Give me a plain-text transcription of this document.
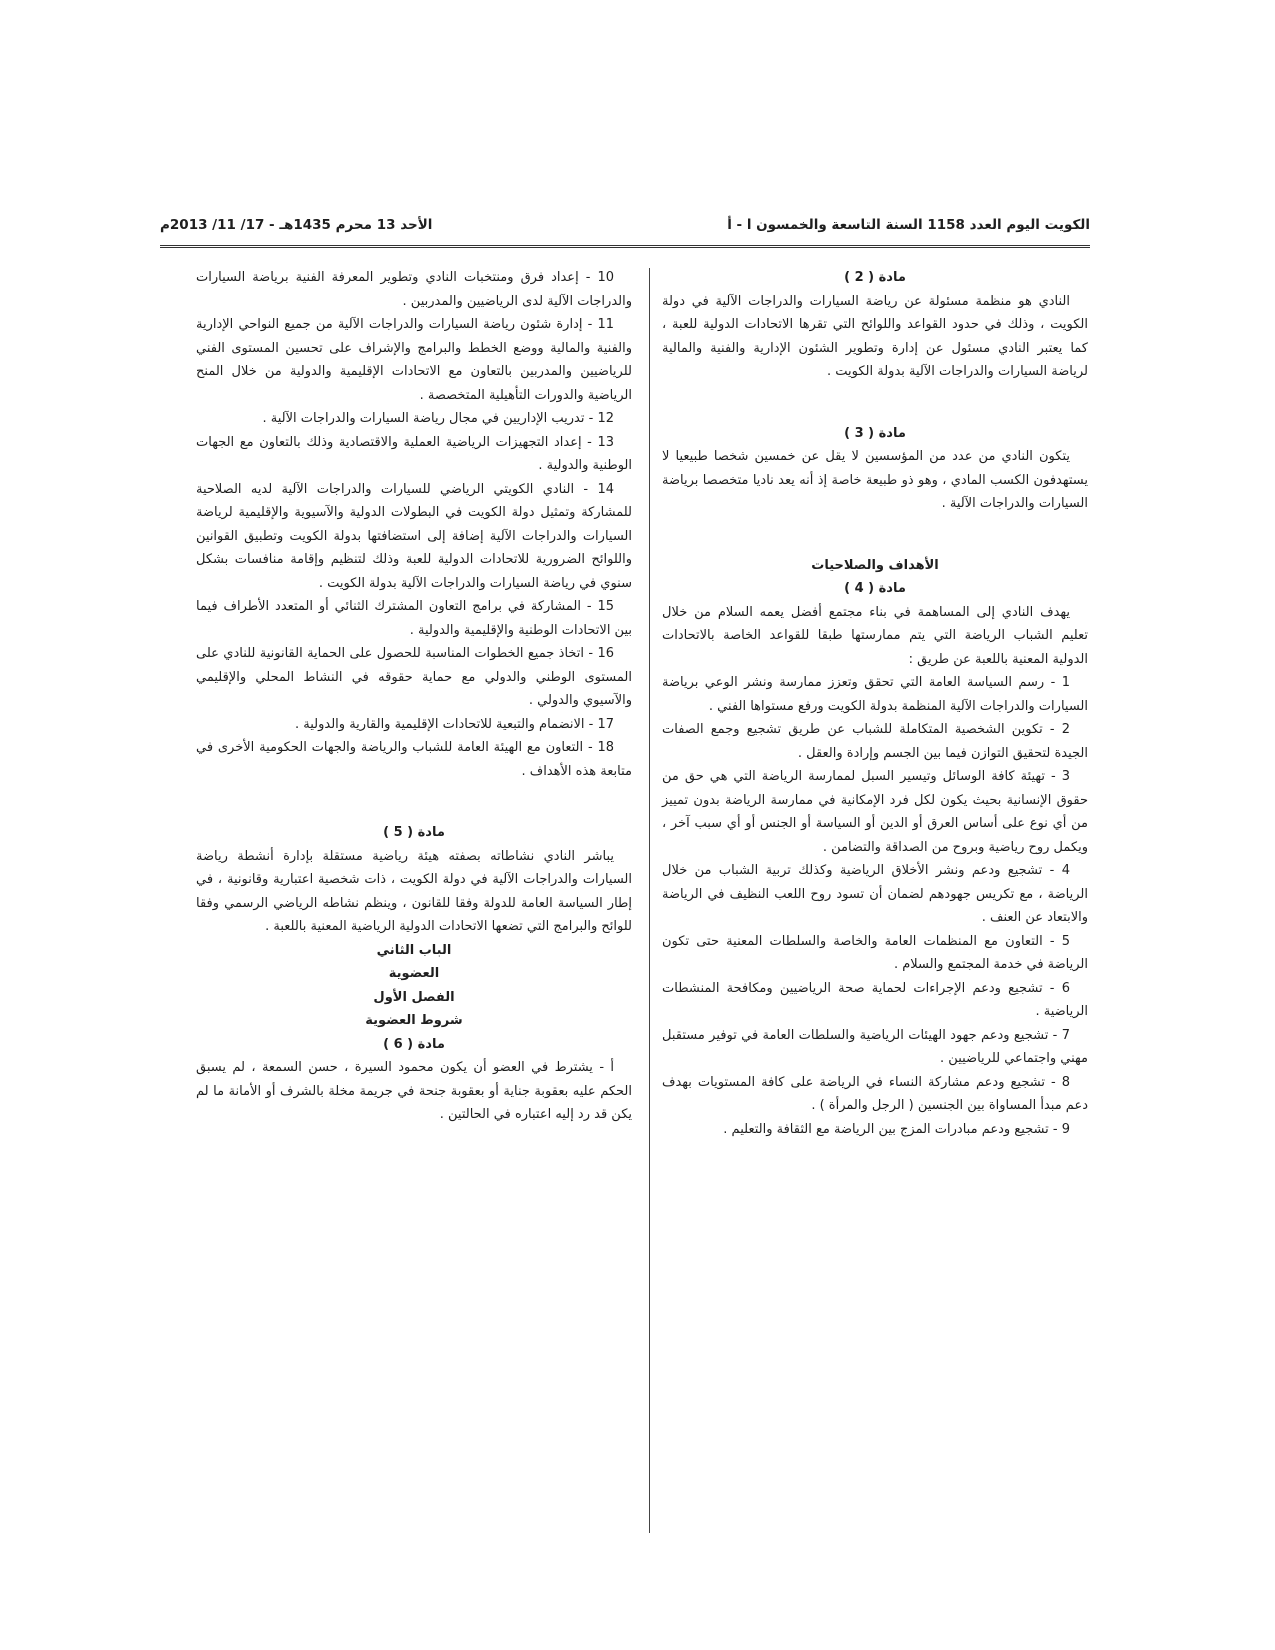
الكويت اليوم العدد 1158 السنة التاسعة والخمسون ا - أ
الأحد 13 محرم 1435هـ - 17/ 11/ 2013م

مادة ( 2 )

النادي هو منظمة مسئولة عن رياضة السيارات والدراجات الآلية في دولة الكويت ، وذلك في حدود القواعد واللوائح التي تقرها الاتحادات الدولية للعبة ، كما يعتبر النادي مسئول عن إدارة وتطوير الشئون الإدارية والفنية والمالية لرياضة السيارات والدراجات الآلية بدولة الكويت .

مادة ( 3 )

يتكون النادي من عدد من المؤسسين لا يقل عن خمسين شخصا طبيعيا لا يستهدفون الكسب المادي ، وهو ذو طبيعة خاصة إذ أنه يعد ناديا متخصصا برياضة السيارات والدراجات الآلية .

الأهداف والصلاحيات

مادة ( 4 )

يهدف النادي إلى المساهمة في بناء مجتمع أفضل يعمه السلام من خلال تعليم الشباب الرياضة التي يتم ممارستها طبقا للقواعد الخاصة بالاتحادات الدولية المعنية باللعبة عن طريق :

1 - رسم السياسة العامة التي تحقق وتعزز ممارسة ونشر الوعي برياضة السيارات والدراجات الآلية المنظمة بدولة الكويت ورفع مستواها الفني .

2 - تكوين الشخصية المتكاملة للشباب عن طريق تشجيع وجمع الصفات الجيدة لتحقيق التوازن فيما بين الجسم وإرادة والعقل .

3 - تهيئة كافة الوسائل وتيسير السبل لممارسة الرياضة التي هي حق من حقوق الإنسانية بحيث يكون لكل فرد الإمكانية في ممارسة الرياضة بدون تمييز من أي نوع على أساس العرق أو الدين أو السياسة أو الجنس أو أي سبب آخر ، ويكمل روح رياضية وبروح من الصداقة والتضامن .

4 - تشجيع ودعم ونشر الأخلاق الرياضية وكذلك تربية الشباب من خلال الرياضة ، مع تكريس جهودهم لضمان أن تسود روح اللعب النظيف في الرياضة والابتعاد عن العنف .

5 - التعاون مع المنظمات العامة والخاصة والسلطات المعنية حتى تكون الرياضة في خدمة المجتمع والسلام .

6 - تشجيع ودعم الإجراءات لحماية صحة الرياضيين ومكافحة المنشطات الرياضية .

7 - تشجيع ودعم جهود الهيئات الرياضية والسلطات العامة في توفير مستقبل مهني واجتماعي للرياضيين .

8 - تشجيع ودعم مشاركة النساء في الرياضة على كافة المستويات بهدف دعم مبدأ المساواة بين الجنسين ( الرجل والمرأة ) .

9 - تشجيع ودعم مبادرات المزج بين الرياضة مع الثقافة والتعليم .

10 - إعداد فرق ومنتخبات النادي وتطوير المعرفة الفنية برياضة السيارات والدراجات الآلية لدى الرياضيين والمدربين .

11 - إدارة شئون رياضة السيارات والدراجات الآلية من جميع النواحي الإدارية والفنية والمالية ووضع الخطط والبرامج والإشراف على تحسين المستوى الفني للرياضيين والمدربين بالتعاون مع الاتحادات الإقليمية والدولية من خلال المنح الرياضية والدورات التأهيلية المتخصصة .

12 - تدريب الإداريين في مجال رياضة السيارات والدراجات الآلية .

13 - إعداد التجهيزات الرياضية العملية والاقتصادية وذلك بالتعاون مع الجهات الوطنية والدولية .

14 - النادي الكويتي الرياضي للسيارات والدراجات الآلية لديه الصلاحية للمشاركة وتمثيل دولة الكويت في البطولات الدولية والآسيوية والإقليمية لرياضة السيارات والدراجات الآلية إضافة إلى استضافتها بدولة الكويت وتطبيق القوانين واللوائح الضرورية للاتحادات الدولية للعبة وذلك لتنظيم وإقامة منافسات بشكل سنوي في رياضة السيارات والدراجات الآلية بدولة الكويت .

15 - المشاركة في برامج التعاون المشترك الثنائي أو المتعدد الأطراف فيما بين الاتحادات الوطنية والإقليمية والدولية .

16 - اتخاذ جميع الخطوات المناسبة للحصول على الحماية القانونية للنادي على المستوى الوطني والدولي مع حماية حقوقه في النشاط المحلي والإقليمي والآسيوي والدولي .

17 - الانضمام والتبعية للاتحادات الإقليمية والقارية والدولية .

18 - التعاون مع الهيئة العامة للشباب والرياضة والجهات الحكومية الأخرى في متابعة هذه الأهداف .

مادة ( 5 )

يباشر النادي نشاطاته بصفته هيئة رياضية مستقلة بإدارة أنشطة رياضة السيارات والدراجات الآلية في دولة الكويت ، ذات شخصية اعتبارية وقانونية ، في إطار السياسة العامة للدولة وفقا للقانون ، وينظم نشاطه الرياضي الرسمي وفقا للوائح والبرامج التي تضعها الاتحادات الدولية الرياضية المعنية باللعبة .

الباب الثاني

العضوية

الفصل الأول

شروط العضوية

مادة ( 6 )

أ - يشترط في العضو أن يكون محمود السيرة ، حسن السمعة ، لم يسبق الحكم عليه بعقوبة جناية أو بعقوبة جنحة في جريمة مخلة بالشرف أو الأمانة ما لم يكن قد رد إليه اعتباره في الحالتين .
